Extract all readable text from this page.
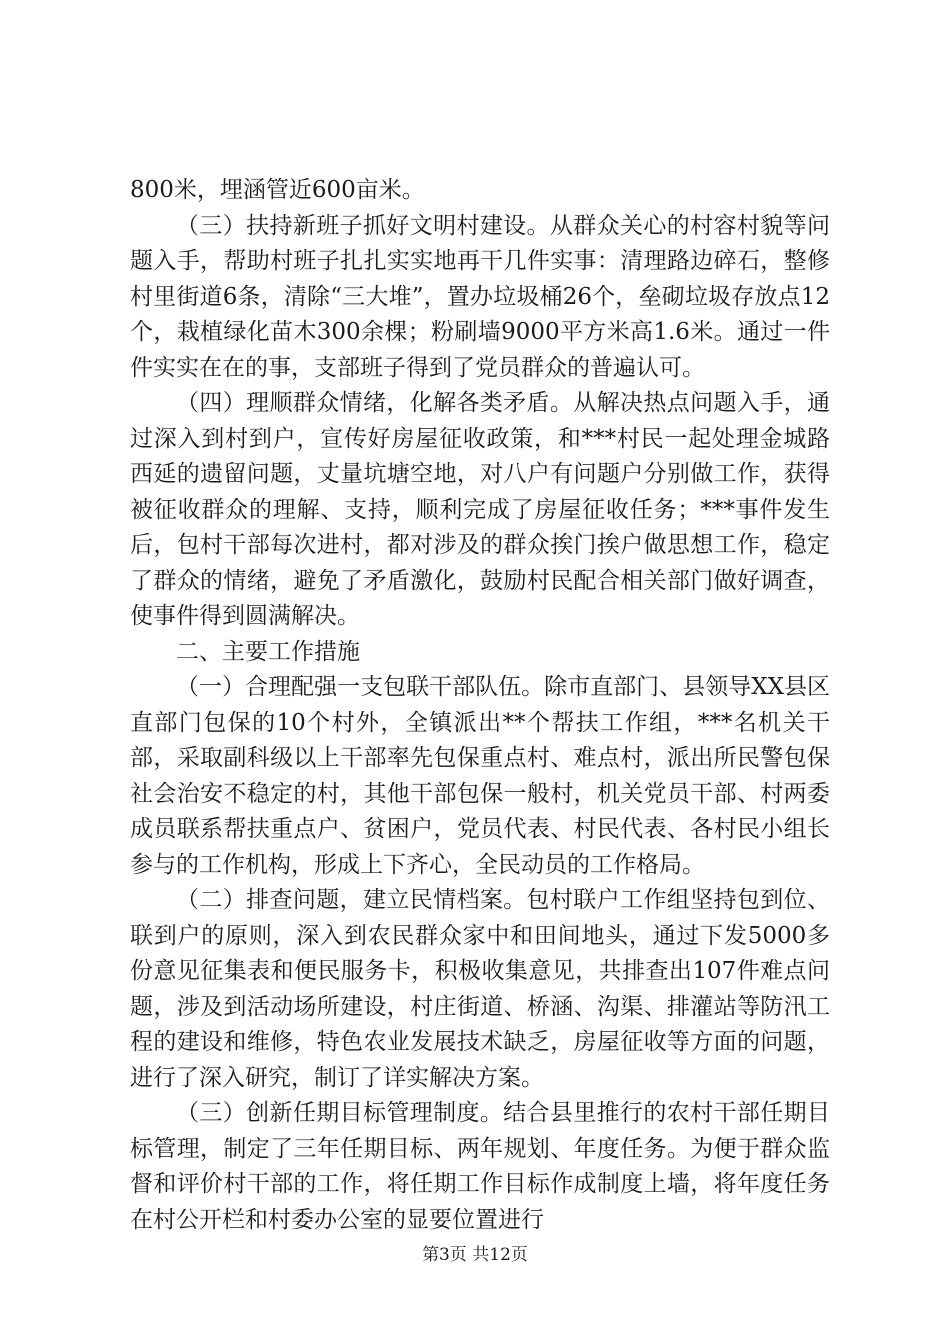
800米，埋涵管近600亩米。

（三）扶持新班子抓好文明村建设。从群众关心的村容村貌等问题入手，帮助村班子扎扎实实地再干几件实事：清理路边碎石，整修村里街道6条，清除“三大堆”，置办垃圾桶26个，垒砌垃圾存放点12个，栽植绿化苗木300余棵；粉刷墙9000平方米高1.6米。通过一件件实实在在的事，支部班子得到了党员群众的普遍认可。

（四）理顺群众情绪，化解各类矛盾。从解决热点问题入手，通过深入到村到户，宣传好房屋征收政策，和***村民一起处理金城路西延的遗留问题，丈量坑塘空地，对八户有问题户分别做工作，获得被征收群众的理解、支持，顺利完成了房屋征收任务；***事件发生后，包村干部每次进村，都对涉及的群众挨门挨户做思想工作，稳定了群众的情绪，避免了矛盾激化，鼓励村民配合相关部门做好调查，使事件得到圆满解决。

二、主要工作措施

（一）合理配强一支包联干部队伍。除市直部门、县领导XX县区直部门包保的10个村外，全镇派出**个帮扶工作组，***名机关干部，采取副科级以上干部率先包保重点村、难点村，派出所民警包保社会治安不稳定的村，其他干部包保一般村，机关党员干部、村两委成员联系帮扶重点户、贫困户，党员代表、村民代表、各村民小组长参与的工作机构，形成上下齐心，全民动员的工作格局。

（二）排查问题，建立民情档案。包村联户工作组坚持包到位、联到户的原则，深入到农民群众家中和田间地头，通过下发5000多份意见征集表和便民服务卡，积极收集意见，共排查出107件难点问题，涉及到活动场所建设，村庄街道、桥涵、沟渠、排灌站等防汛工程的建设和维修，特色农业发展技术缺乏，房屋征收等方面的问题，进行了深入研究，制订了详实解决方案。

（三）创新任期目标管理制度。结合县里推行的农村干部任期目标管理，制定了三年任期目标、两年规划、年度任务。为便于群众监督和评价村干部的工作，将任期工作目标作成制度上墙，将年度任务在村公开栏和村委办公室的显要位置进行

第3页 共12页
